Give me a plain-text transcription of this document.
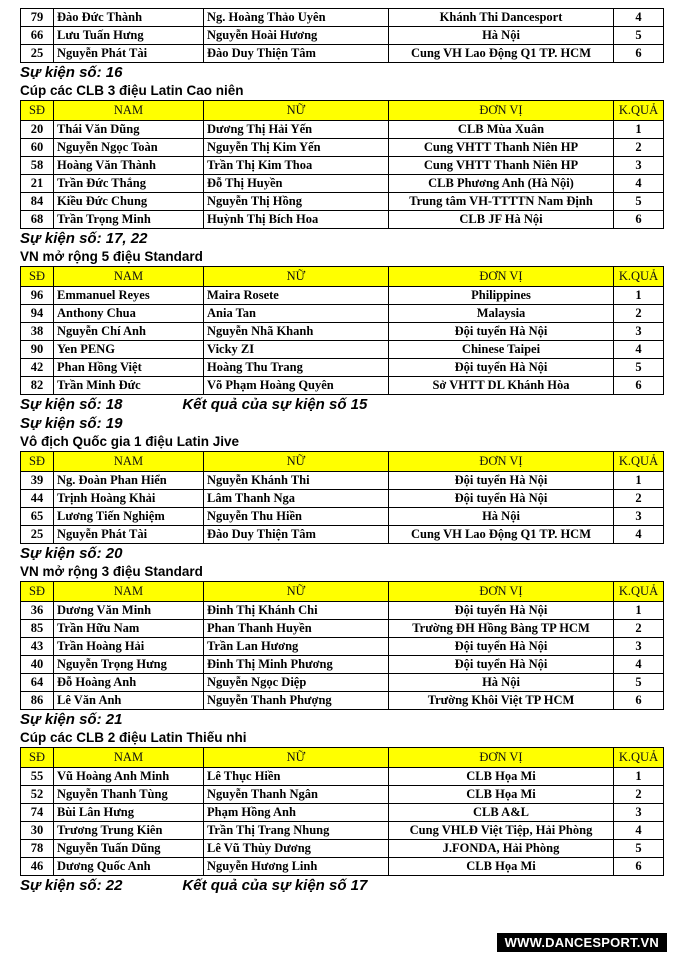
79	Đào Đức Thành	Ng. Hoàng Thảo Uyên	Khánh Thi Dancesport	4
66	Lưu Tuấn Hưng	Nguyễn Hoài Hương	Hà Nội	5
25	Nguyễn Phát Tài	Đào Duy Thiện Tâm	Cung VH Lao Động Q1 TP. HCM	6
Sự kiện số: 16
Cúp các CLB 3 điệu Latin Cao niên
SĐ	NAM	NỮ	ĐƠN VỊ	K.QUẢ
20	Thái Văn Dũng	Dương Thị Hải Yến	CLB Mùa Xuân	1
60	Nguyễn Ngọc Toàn	Nguyễn Thị Kim Yến	Cung VHTT Thanh Niên HP	2
58	Hoàng Văn Thành	Trần Thị Kim Thoa	Cung VHTT Thanh Niên HP	3
21	Trần Đức Thắng	Đỗ Thị Huyền	CLB Phương Anh (Hà Nội)	4
84	Kiều Đức Chung	Nguyễn Thị Hồng	Trung tâm VH-TTTTN Nam Định	5
68	Trần Trọng Minh	Huỳnh Thị Bích Hoa	CLB JF Hà Nội	6
Sự kiện số: 17, 22
VN mở rộng 5 điệu Standard
SĐ	NAM	NỮ	ĐƠN VỊ	K.QUẢ
96	Emmanuel Reyes	Maira Rosete	Philippines	1
94	Anthony Chua	Ania Tan	Malaysia	2
38	Nguyễn Chí Anh	Nguyễn Nhã Khanh	Đội tuyển Hà Nội	3
90	Yen PENG	Vicky ZI	Chinese Taipei	4
42	Phan Hồng Việt	Hoàng Thu Trang	Đội tuyển Hà Nội	5
82	Trần Minh Đức	Võ Phạm Hoàng Quyên	Sở VHTT DL Khánh Hòa	6
Sự kiện số: 18	Kết quả của sự kiện số 15
Sự kiện số: 19
Vô địch Quốc gia 1 điệu Latin Jive
SĐ	NAM	NỮ	ĐƠN VỊ	K.QUẢ
39	Ng. Đoàn Phan Hiển	Nguyễn Khánh Thi	Đội tuyển Hà Nội	1
44	Trịnh Hoàng Khải	Lâm Thanh Nga	Đội tuyển Hà Nội	2
65	Lương Tiến Nghiệm	Nguyễn Thu Hiền	Hà Nội	3
25	Nguyễn Phát Tài	Đào Duy Thiện Tâm	Cung VH Lao Động Q1 TP. HCM	4
Sự kiện số: 20
VN mở rộng 3 điệu Standard
SĐ	NAM	NỮ	ĐƠN VỊ	K.QUẢ
36	Dương Văn Minh	Đinh Thị Khánh Chi	Đội tuyển Hà Nội	1
85	Trần Hữu Nam	Phan Thanh Huyền	Trường ĐH Hồng Bàng TP HCM	2
43	Trần Hoàng Hải	Trần Lan Hương	Đội tuyển Hà Nội	3
40	Nguyễn Trọng Hưng	Đinh Thị Minh Phương	Đội tuyển Hà Nội	4
64	Đỗ Hoàng Anh	Nguyễn Ngọc Diệp	Hà Nội	5
86	Lê Văn Anh	Nguyễn Thanh Phượng	Trường Khôi Việt TP HCM	6
Sự kiện số: 21
Cúp các CLB 2 điệu Latin Thiếu nhi
SĐ	NAM	NỮ	ĐƠN VỊ	K.QUẢ
55	Vũ Hoàng Anh Minh	Lê Thục Hiền	CLB Họa Mi	1
52	Nguyễn Thanh Tùng	Nguyễn Thanh Ngân	CLB Họa Mi	2
74	Bùi Lân Hưng	Phạm Hồng Anh	CLB A&L	3
30	Trương Trung Kiên	Trần Thị Trang Nhung	Cung VHLĐ Việt Tiệp, Hải Phòng	4
78	Nguyễn Tuấn Dũng	Lê Vũ Thùy Dương	J.FONDA, Hải Phòng	5
46	Dương Quốc Anh	Nguyễn Hương Linh	CLB Họa Mi	6
Sự kiện số: 22	Kết quả của sự kiện số 17
WWW.DANCESPORT.VN
